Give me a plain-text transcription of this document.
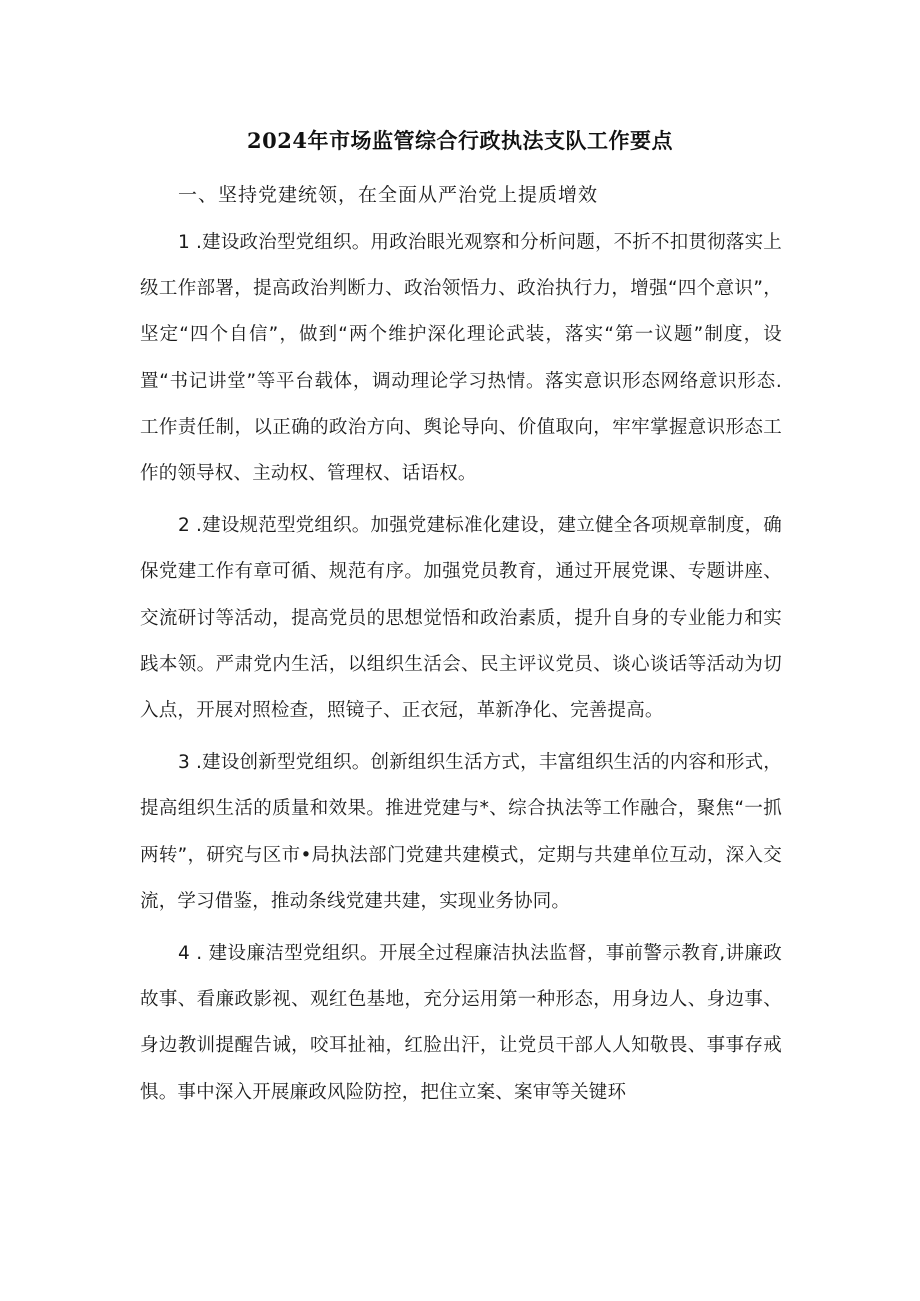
2024年市场监管综合行政执法支队工作要点
一、坚持党建统领，在全面从严治党上提质增效

1 .建设政治型党组织。用政治眼光观察和分析问题，不折不扣贯彻落实上级工作部署，提高政治判断力、政治领悟力、政治执行力，增强“四个意识”，坚定“四个自信”，做到“两个维护深化理论武装，落实“第一议题”制度，设置“书记讲堂”等平台载体，调动理论学习热情。落实意识形态网络意识形态.工作责任制，以正确的政治方向、舆论导向、价值取向，牢牢掌握意识形态工作的领导权、主动权、管理权、话语权。

2 .建设规范型党组织。加强党建标准化建设，建立健全各项规章制度，确保党建工作有章可循、规范有序。加强党员教育，通过开展党课、专题讲座、交流研讨等活动，提高党员的思想觉悟和政治素质，提升自身的专业能力和实践本领。严肃党内生活，以组织生活会、民主评议党员、谈心谈话等活动为切入点，开展对照检查，照镜子、正衣冠，革新净化、完善提高。

3 .建设创新型党组织。创新组织生活方式，丰富组织生活的内容和形式，提高组织生活的质量和效果。推进党建与*、综合执法等工作融合，聚焦“一抓两转”，研究与区市•局执法部门党建共建模式，定期与共建单位互动，深入交流，学习借鉴，推动条线党建共建，实现业务协同。

4 . 建设廉洁型党组织。开展全过程廉洁执法监督，事前警示教育,讲廉政故事、看廉政影视、观红色基地，充分运用第一种形态，用身边人、身边事、身边教训提醒告诫，咬耳扯袖，红脸出汗，让党员干部人人知敬畏、事事存戒惧。事中深入开展廉政风险防控，把住立案、案审等关键环
